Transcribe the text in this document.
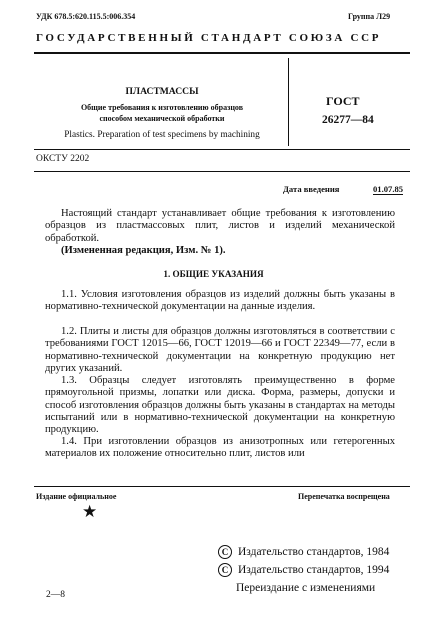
УДК 678.5:620.115.5:006.354	Группа Л29
ГОСУДАРСТВЕННЫЙ СТАНДАРТ СОЮЗА ССР
ПЛАСТМАССЫ
Общие требования к изготовлению образцов
способом механической обработки
Plastics. Preparation of test specimens by machining
ГОСТ
26277—84
ОКСТУ 2202
Дата введения	01.07.85
Настоящий стандарт устанавливает общие требования к изготовлению образцов из пластмассовых плит, листов и изделий механической обработкой.
(Измененная редакция, Изм. № 1).
1. ОБЩИЕ УКАЗАНИЯ
1.1. Условия изготовления образцов из изделий должны быть указаны в нормативно-технической документации на данные изделия.
1.2. Плиты и листы для образцов должны изготовляться в соответствии с требованиями ГОСТ 12015—66, ГОСТ 12019—66 и ГОСТ 22349—77, если в нормативно-технической документации на конкретную продукцию нет других указаний.
1.3. Образцы следует изготовлять преимущественно в форме прямоугольной призмы, лопатки или диска. Форма, размеры, допуски и способ изготовления образцов должны быть указаны в стандартах на методы испытаний или в нормативно-технической документации на конкретную продукцию.
1.4. При изготовлении образцов из анизотропных или гетерогенных материалов их положение относительно плит, листов или
Издание официальное	Перепечатка воспрещена
★
С Издательство стандартов, 1984
С Издательство стандартов, 1994
Переиздание с изменениями
2—8
